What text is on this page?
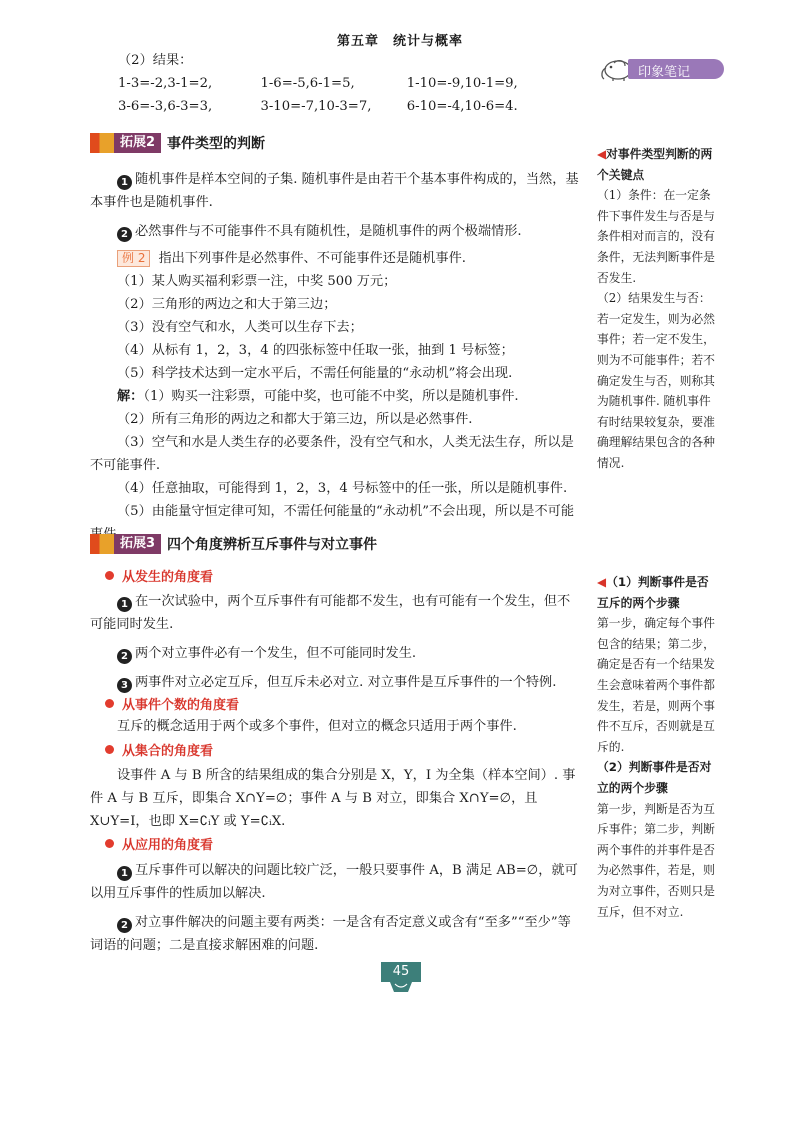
第五章　统计与概率
印象笔记

（2）结果：

1-3=-2,3-1=2,	1-6=-5,6-1=5,	1-10=-9,10-1=9,
3-6=-3,6-3=3,	3-10=-7,10-3=7,	6-10=-4,10-6=4.
拓展2 事件类型的判断

1 随机事件是样本空间的子集. 随机事件是由若干个基本事件构成的，当然，基本事件也是随机事件.

2 必然事件与不可能事件不具有随机性，是随机事件的两个极端情形.

例 2 指出下列事件是必然事件、不可能事件还是随机事件.

（1）某人购买福利彩票一注，中奖 500 万元；

（2）三角形的两边之和大于第三边；

（3）没有空气和水，人类可以生存下去；

（4）从标有 1，2，3，4 的四张标签中任取一张，抽到 1 号标签；

（5）科学技术达到一定水平后，不需任何能量的“永动机”将会出现.

解：（1）购买一注彩票，可能中奖，也可能不中奖，所以是随机事件.

（2）所有三角形的两边之和都大于第三边，所以是必然事件.

（3）空气和水是人类生存的必要条件，没有空气和水，人类无法生存，所以是不可能事件.

（4）任意抽取，可能得到 1，2，3，4 号标签中的任一张，所以是随机事件.

（5）由能量守恒定律可知，不需任何能量的“永动机”不会出现，所以是不可能

拓展3 四个角度辨析互斥事件与对立事件
从发生的角度看

1 在一次试验中，两个互斥事件有可能都不发生，也有可能有一个发生，但不可能同时发生.

2 两个对立事件必有一个发生，但不可能同时发生.

3 两事件对立必定互斥，但互斥未必对立. 对立事件是互斥事件的一个特例.

从事件个数的角度看

互斥的概念适用于两个或多个事件，但对立的概念只适用于两个事件.

从集合的角度看

设事件 A 与 B 所含的结果组成的集合分别是 X，Y，I 为全集（样本空间）. 事件 A 与 B 互斥，即集合 X∩Y=∅；事件 A 与 B 对立，即集合 X∩Y=∅，且 X∪Y=I，也即 X=∁ᵢY 或 Y=∁ᵢX.

从应用的角度看

1 互斥事件可以解决的问题比较广泛，一般只要事件 A，B 满足 AB=∅，就可以用互斥事件的性质加以解决.

2 对立事件解决的问题主要有两类：一是含有否定意义或含有“至多”“至少”等词语的问题；二是直接求解困难的问题.

◀对事件类型判断的两个关键点

（1）条件：在一定条件下事件发生与否是与条件相对而言的，没有条件，无法判断事件是否发生.

（2）结果发生与否：若一定发生，则为必然事件；若一定不发生，则为不可能事件；若不确定发生与否，则称其为随机事件. 随机事件有时结果较复杂，要准确理解结果包含的各种情况.

◀（1）判断事件是否互斥的两个步骤

第一步，确定每个事件包含的结果；第二步，确定是否有一个结果发生会意味着两个事件都发生，若是，则两个事件不互斥，否则就是互斥的.

（2）判断事件是否对立的两个步骤

第一步，判断是否为互斥事件；第二步，判断两个事件的并事件是否为必然事件，若是，则为对立事件，否则只是互斥，但不对立.

45
